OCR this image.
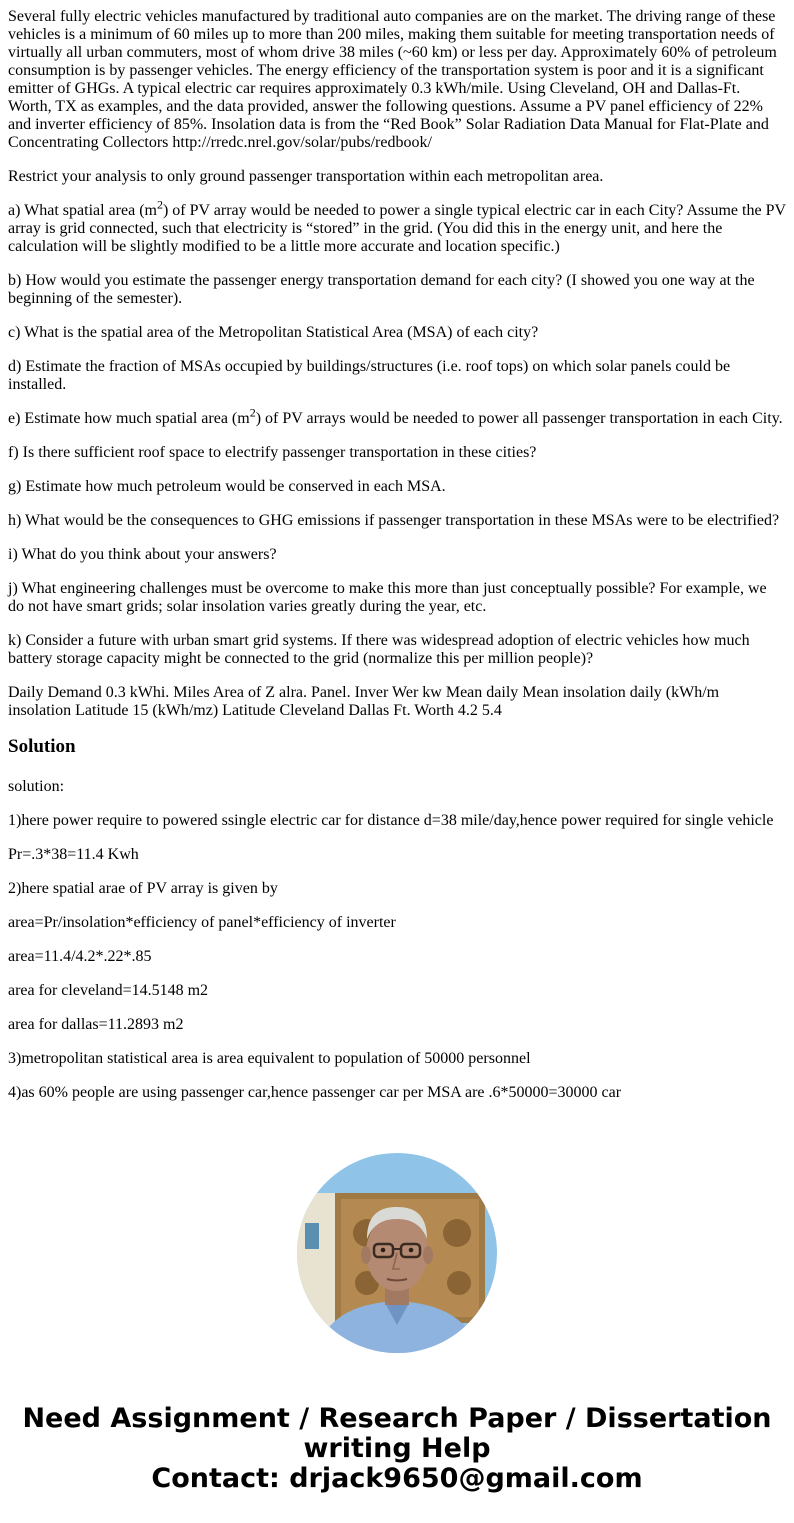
Several fully electric vehicles manufactured by traditional auto companies are on the market. The driving range of these vehicles is a minimum of 60 miles up to more than 200 miles, making them suitable for meeting transportation needs of virtually all urban commuters, most of whom drive 38 miles (~60 km) or less per day. Approximately 60% of petroleum consumption is by passenger vehicles. The energy efficiency of the transportation system is poor and it is a significant emitter of GHGs. A typical electric car requires approximately 0.3 kWh/mile. Using Cleveland, OH and Dallas-Ft. Worth, TX as examples, and the data provided, answer the following questions. Assume a PV panel efficiency of 22% and inverter efficiency of 85%. Insolation data is from the “Red Book” Solar Radiation Data Manual for Flat-Plate and Concentrating Collectors http://rredc.nrel.gov/solar/pubs/redbook/

Restrict your analysis to only ground passenger transportation within each metropolitan area.

a) What spatial area $(m^2)$ of PV array would be needed to power a single typical electric car in each City? Assume the PV array is grid connected, such that electricity is “stored” in the grid. (You did this in the energy unit, and here the calculation will be slightly modified to be a little more accurate and location specific.)

b) How would you estimate the passenger energy transportation demand for each city? (I showed you one way at the beginning of the semester).

c) What is the spatial area of the Metropolitan Statistical Area (MSA) of each city?

d) Estimate the fraction of MSAs occupied by buildings/structures (i.e. roof tops) on which solar panels could be installed.

e) Estimate how much spatial area $(m^2)$ of PV arrays would be needed to power all passenger transportation in each City.

f) Is there sufficient roof space to electrify passenger transportation in these cities?

g) Estimate how much petroleum would be conserved in each MSA.

h) What would be the consequences to GHG emissions if passenger transportation in these MSAs were to be electrified?

i) What do you think about your answers?

j) What engineering challenges must be overcome to make this more than just conceptually possible? For example, we do not have smart grids; solar insolation varies greatly during the year, etc.

k) Consider a future with urban smart grid systems. If there was widespread adoption of electric vehicles how much battery storage capacity might be connected to the grid (normalize this per million people)?

Daily Demand 0.3 kWhi. Miles Area of Z alra. Panel. Inver Wer kw Mean daily Mean insolation daily (kWh/m insolation Latitude 15 (kWh/mz) Latitude Cleveland Dallas Ft. Worth 4.2 5.4

Solution

solution:

1)here power require to powered ssingle electric car for distance d=38 mile/day,hence power required for single vehicle

Pr=.3*38=11.4 Kwh

2)here spatial arae of PV array is given by

area=Pr/insolation*efficiency of panel*efficiency of inverter

area=11.4/4.2*.22*.85

area for cleveland=14.5148 m2

area for dallas=11.2893 m2

3)metropolitan statistical area is area equivalent to population of 50000 personnel

4)as 60% people are using passenger car,hence passenger car per MSA are .6*50000=30000 car

Need Assignment / Research Paper / Dissertation
writing Help
Contact: drjack9650@gmail.com
